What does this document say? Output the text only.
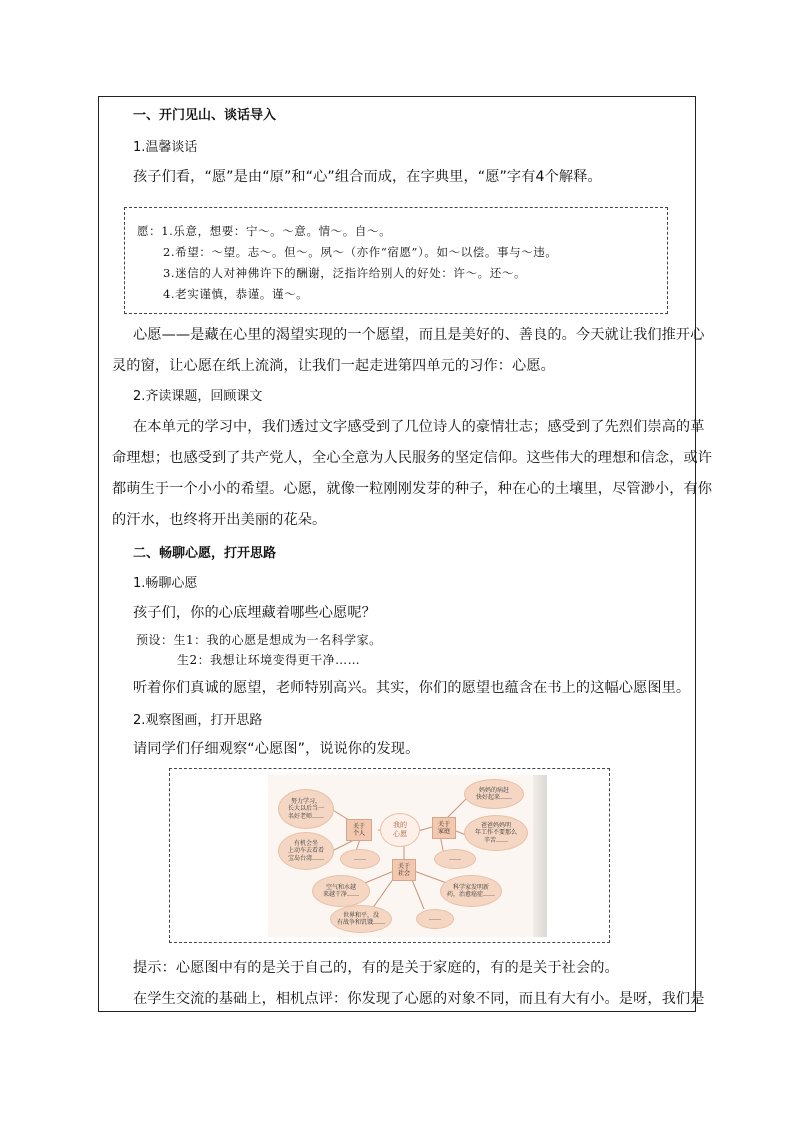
一、开门见山、谈话导入
1.温馨谈话
孩子们看，“愿”是由“原”和“心”组合而成，在字典里，“愿”字有4个解释。
愿：1.乐意，想要：宁～。～意。情～。自～。
2.希望：～望。志～。但～。夙～（亦作“宿愿”）。如～以偿。事与～违。
3.迷信的人对神佛许下的酬谢，泛指许给别人的好处：许～。还～。
4.老实谨慎，恭谨。谨～。
心愿——是藏在心里的渴望实现的一个愿望，而且是美好的、善良的。今天就让我们推开心
灵的窗，让心愿在纸上流淌，让我们一起走进第四单元的习作：心愿。
2.齐读课题，回顾课文
在本单元的学习中，我们透过文字感受到了几位诗人的豪情壮志；感受到了先烈们崇高的革
命理想；也感受到了共产党人，全心全意为人民服务的坚定信仰。这些伟大的理想和信念，或许
都萌生于一个小小的希望。心愿，就像一粒刚刚发芽的种子，种在心的土壤里，尽管渺小，有你
的汗水，也终将开出美丽的花朵。
二、畅聊心愿，打开思路
1.畅聊心愿
孩子们，你的心底埋藏着哪些心愿呢？
预设：生1：我的心愿是想成为一名科学家。
生2：我想让环境变得更干净……
听着你们真诚的愿望，老师特别高兴。其实，你们的愿望也蕴含在书上的这幅心愿图里。
2.观察图画，打开思路
请同学们仔细观察“心愿图”，说说你的发现。
努力学习，
长大以后当一
名好老师……
有机会坐
上动车去看看
宝岛台湾……	……
关于
个人
我的
心愿
关于
家庭
妈妈的病赶
快好起来……
爸爸妈妈明
年工作不要那么
辛苦……
……
关于
社会
空气和水越
来越干净……
科学家发明新
药，治愈癌症……
世界和平，没
有战争和饥饿……
……
提示：心愿图中有的是关于自己的，有的是关于家庭的，有的是关于社会的。
在学生交流的基础上，相机点评：你发现了心愿的对象不同，而且有大有小。是呀，我们是
